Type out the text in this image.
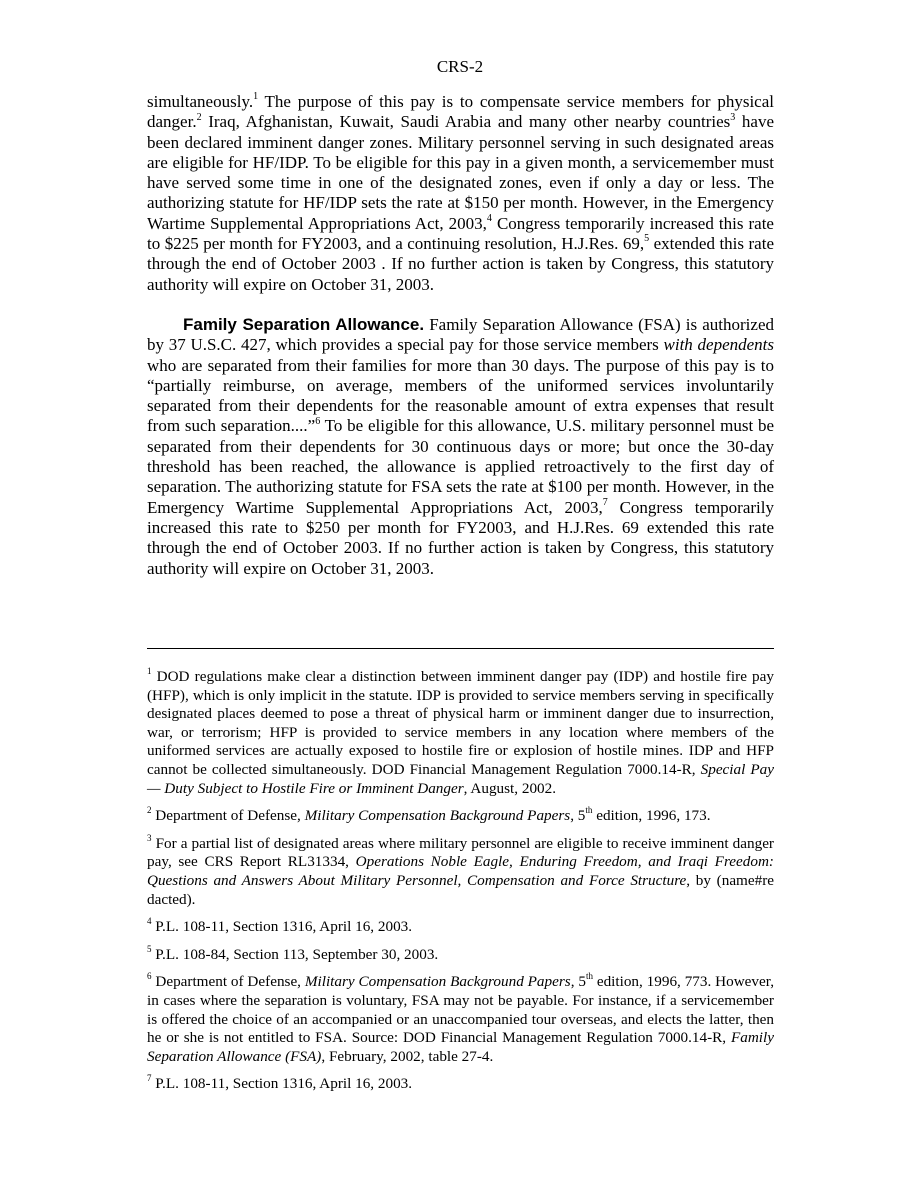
CRS-2

simultaneously.$^1$ The purpose of this pay is to compensate service members for physical danger.$^2$ Iraq, Afghanistan, Kuwait, Saudi Arabia and many other nearby countries$^3$ have been declared imminent danger zones. Military personnel serving in such designated areas are eligible for HF/IDP. To be eligible for this pay in a given month, a servicemember must have served some time in one of the designated zones, even if only a day or less. The authorizing statute for HF/IDP sets the rate at $150 per month. However, in the Emergency Wartime Supplemental Appropriations Act, 2003,$^4$ Congress temporarily increased this rate to $225 per month for FY2003, and a continuing resolution, H.J.Res. 69,$^5$ extended this rate through the end of October 2003 . If no further action is taken by Congress, this statutory authority will expire on October 31, 2003.

Family Separation Allowance. Family Separation Allowance (FSA) is authorized by 37 U.S.C. 427, which provides a special pay for those service members with dependents who are separated from their families for more than 30 days. The purpose of this pay is to “partially reimburse, on average, members of the uniformed services involuntarily separated from their dependents for the reasonable amount of extra expenses that result from such separation....”$^6$ To be eligible for this allowance, U.S. military personnel must be separated from their dependents for 30 continuous days or more; but once the 30-day threshold has been reached, the allowance is applied retroactively to the first day of separation. The authorizing statute for FSA sets the rate at $100 per month. However, in the Emergency Wartime Supplemental Appropriations Act, 2003,$^7$ Congress temporarily increased this rate to $250 per month for FY2003, and H.J.Res. 69 extended this rate through the end of October 2003. If no further action is taken by Congress, this statutory authority will expire on October 31, 2003.

$^1$ DOD regulations make clear a distinction between imminent danger pay (IDP) and hostile fire pay (HFP), which is only implicit in the statute. IDP is provided to service members serving in specifically designated places deemed to pose a threat of physical harm or imminent danger due to insurrection, war, or terrorism; HFP is provided to service members in any location where members of the uniformed services are actually exposed to hostile fire or explosion of hostile mines. IDP and HFP cannot be collected simultaneously. DOD Financial Management Regulation 7000.14-R, Special Pay — Duty Subject to Hostile Fire or Imminent Danger, August, 2002.

$^2$ Department of Defense, Military Compensation Background Papers, 5th edition, 1996, 173.

$^3$ For a partial list of designated areas where military personnel are eligible to receive imminent danger pay, see CRS Report RL31334, Operations Noble Eagle, Enduring Freedom, and Iraqi Freedom: Questions and Answers About Military Personnel, Compensation and Force Structure, by (name#re dacted).

$^4$ P.L. 108-11, Section 1316, April 16, 2003.

$^5$ P.L. 108-84, Section 113, September 30, 2003.

$^6$ Department of Defense, Military Compensation Background Papers, 5th edition, 1996, 773. However, in cases where the separation is voluntary, FSA may not be payable. For instance, if a servicemember is offered the choice of an accompanied or an unaccompanied tour overseas, and elects the latter, then he or she is not entitled to FSA. Source: DOD Financial Management Regulation 7000.14-R, Family Separation Allowance (FSA), February, 2002, table 27-4.

$^7$ P.L. 108-11, Section 1316, April 16, 2003.
